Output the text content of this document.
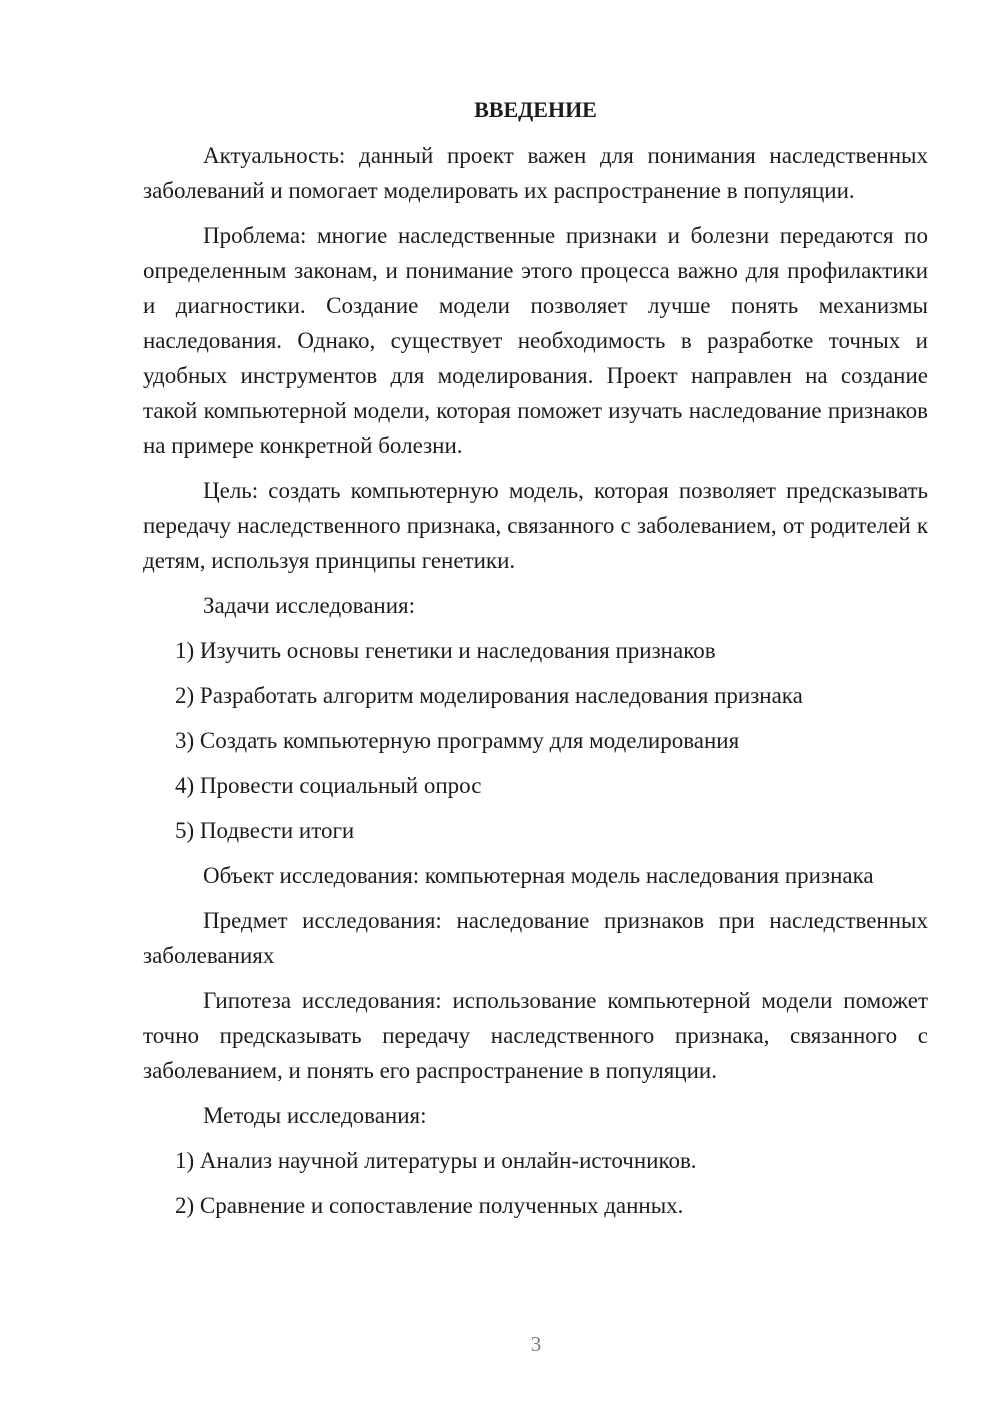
ВВЕДЕНИЕ

Актуальность: данный проект важен для понимания наследственных заболеваний и помогает моделировать их распространение в популяции.

Проблема: многие наследственные признаки и болезни передаются по определенным законам, и понимание этого процесса важно для профилактики и диагностики. Создание модели позволяет лучше понять механизмы наследования. Однако, существует необходимость в разработке точных и удобных инструментов для моделирования. Проект направлен на создание такой компьютерной модели, которая поможет изучать наследование признаков на примере конкретной болезни.

Цель: создать компьютерную модель, которая позволяет предсказывать передачу наследственного признака, связанного с заболеванием, от родителей к детям, используя принципы генетики.

Задачи исследования:

1) Изучить основы генетики и наследования признаков
2) Разработать алгоритм моделирования наследования признака
3) Создать компьютерную программу для моделирования
4) Провести социальный опрос
5) Подвести итоги

Объект исследования: компьютерная модель наследования признака

Предмет исследования: наследование признаков при наследственных заболеваниях

Гипотеза исследования: использование компьютерной модели поможет точно предсказывать передачу наследственного признака, связанного с заболеванием, и понять его распространение в популяции.

Методы исследования:

1) Анализ научной литературы и онлайн-источников.
2) Сравнение и сопоставление полученных данных.
3
